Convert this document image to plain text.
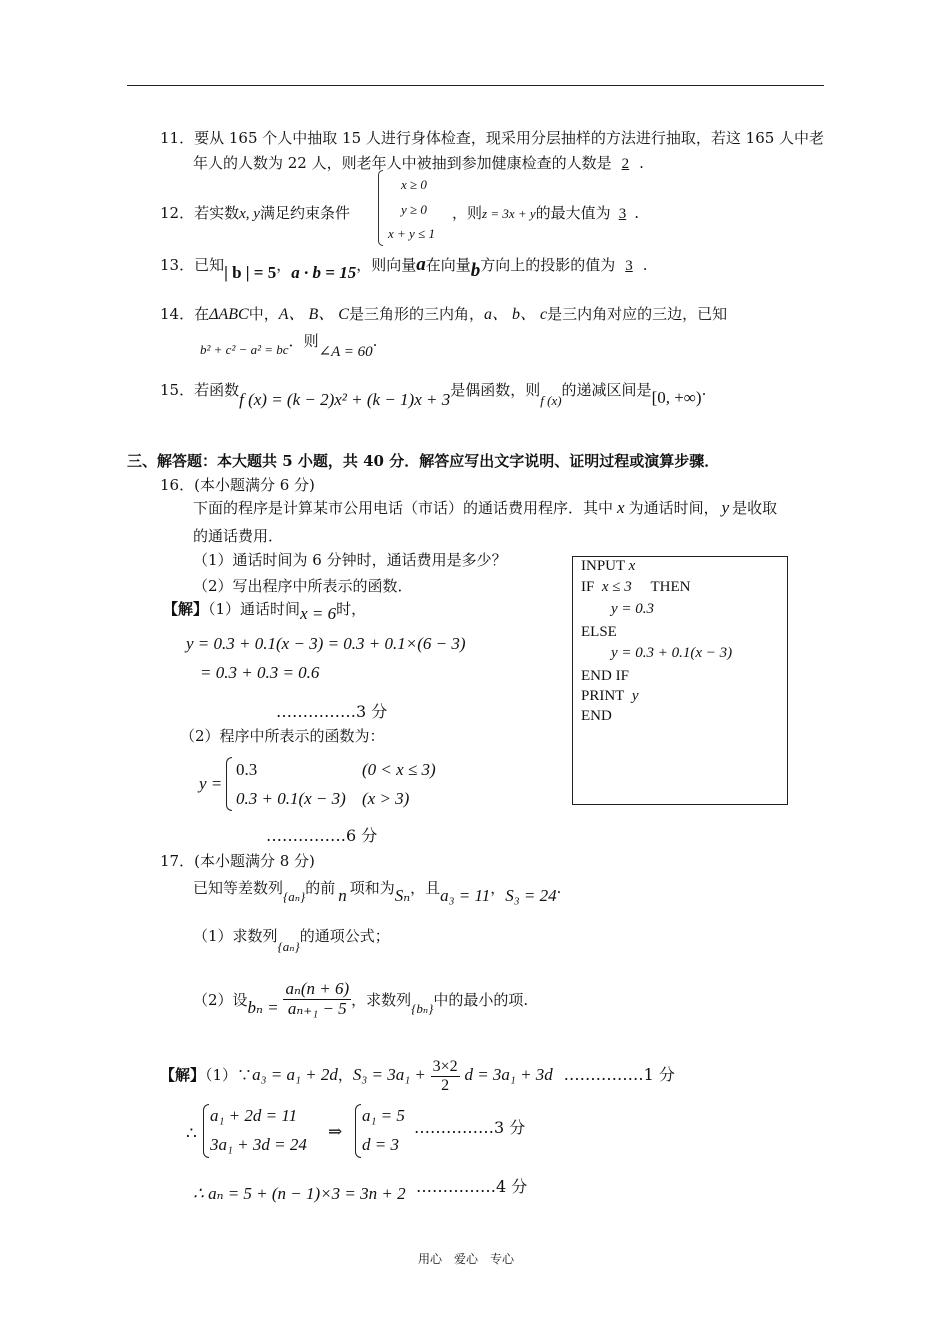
11．要从 165 个人中抽取 15 人进行身体检查，现采用分层抽样的方法进行抽取，若这 165 人中老
年人的人数为 22 人，则老年人中被抽到参加健康检查的人数是 2 .
12．若实数x, y满足约束条件
x ≥ 0
y ≥ 0
x + y ≤ 1
，则z = 3x + y的最大值为 3 .
13．已知| b | = 5，a · b = 15，则向量a在向量b方向上的投影的值为 3 .
14．在ΔABC中，A、 B、 C是三角形的三内角，a、 b、 c是三内角对应的三边，已知
b² + c² − a² = bc．则∠A = 60.
15．若函数f (x) = (k − 2)x² + (k − 1)x + 3是偶函数，则f (x)的递减区间是[0, +∞).
三、解答题：本大题共 5 小题，共 40 分．解答应写出文字说明、证明过程或演算步骤．
16．(本小题满分 6 分)
下面的程序是计算某市公用电话（市话）的通话费用程序．其中 x 为通话时间， y 是收取
的通话费用．
（1）通话时间为 6 分钟时，通话费用是多少？
（2）写出程序中所表示的函数．
【解】（1）通话时间x = 6时，
y = 0.3 + 0.1(x − 3) = 0.3 + 0.1×(6 − 3)
= 0.3 + 0.3 = 0.6
……………3 分
（2）程序中所表示的函数为：
y =
0.3	(0 < x ≤ 3)
0.3 + 0.1(x − 3) (x > 3)
……………6 分
INPUT x
IF x ≤ 3 THEN
y = 0.3
ELSE
y = 0.3 + 0.1(x − 3)
END IF
PRINT y
END
17．(本小题满分 8 分)
已知等差数列{aₙ}的前 n 项和为Sₙ，且a₃ = 11，S₃ = 24.
（1）求数列{aₙ}的通项公式；
（2）设$b_n = \frac{\text{aₙ(n + 6)}}{\text{aₙ₊₁ − 5}}$ ，求数列{bₙ}中的最小的项.
【解】（1）∵a₃ = a₁ + 2d，$S_3 = 3a_1 + \frac{3\times 2}{2}$ d = 3a₁ + 3d ……………1 分
∴
a₁ + 2d = 11
3a₁ + 3d = 24
⇒
a₁ = 5
d = 3
……………3 分
∴ aₙ = 5 + (n − 1)×3 = 3n + 2 ……………4 分
用心　爱心　专心
